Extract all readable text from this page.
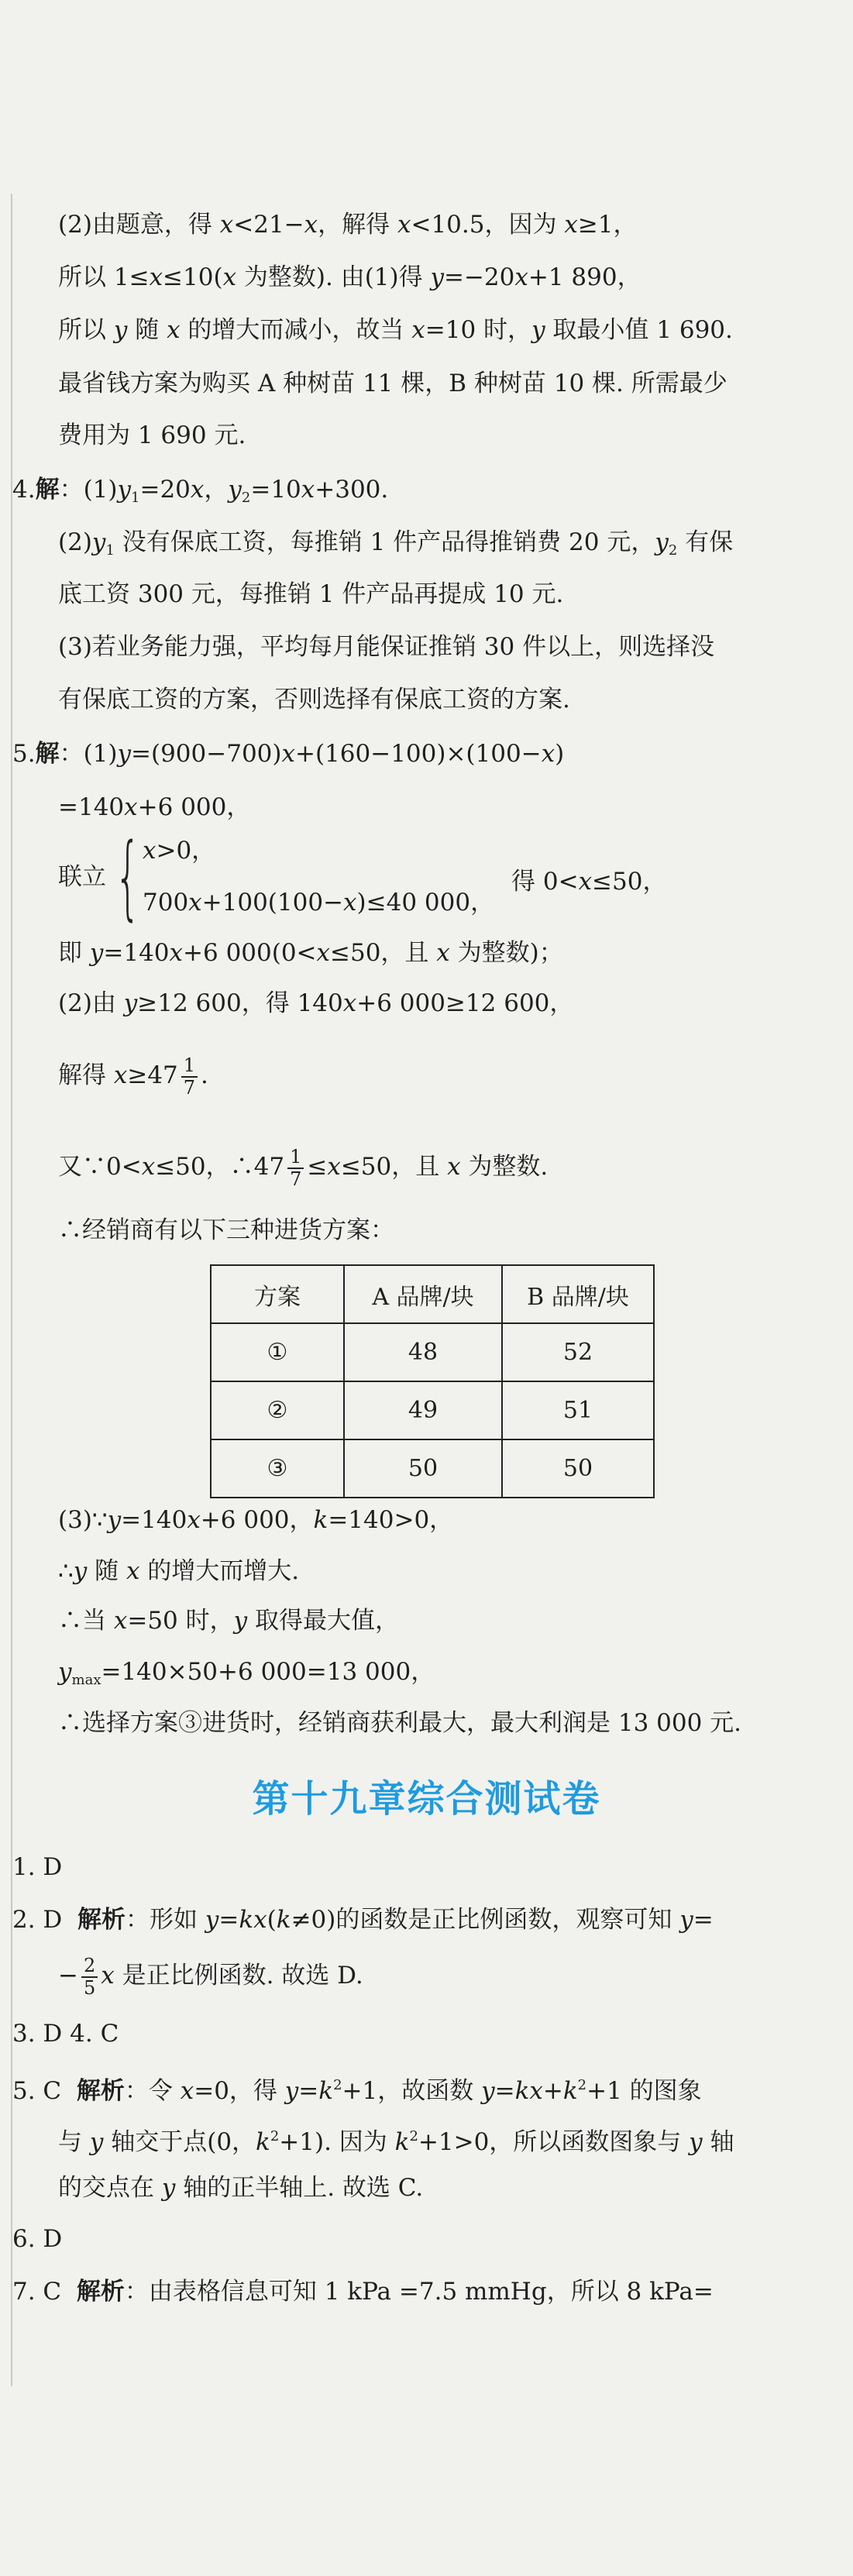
(2)由题意，得 x<21−x，解得 x<10.5，因为 x≥1，
所以 1≤x≤10(x 为整数). 由(1)得 y=−20x+1 890，
所以 y 随 x 的增大而减小，故当 x=10 时，y 取最小值 1 690.
最省钱方案为购买 A 种树苗 11 棵，B 种树苗 10 棵. 所需最少
费用为 1 690 元.
4.解：$(1)y_1=20x$，$y_2=10x+300$.
$(2)y_1$ 没有保底工资，每推销 1 件产品得推销费 20 元，$y_2$ 有保
底工资 300 元，每推销 1 件产品再提成 10 元.
(3)若业务能力强，平均每月能保证推销 30 件以上，则选择没
有保底工资的方案，否则选择有保底工资的方案.
5.解：(1)y=(900−700)x+(160−100)×(100−x)
=140x+6 000，
联立 { x>0，
700x+100(100−x)≤40 000，
得 0<x≤50，
即 y=140x+6 000(0<x≤50，且 x 为整数)；
(2)由 y≥12 600，得 140x+6 000≥12 600，
解得 $x\ge 47 \frac{1}{7}$ .
又∵0<x≤50，∴47 $\frac{1}{7} \le x\le 50$，且 x 为整数.
∴经销商有以下三种进货方案：
方案	A 品牌/块	B 品牌/块
①	48	52
②	49	51
③	50	50
(3)∵y=140x+6 000，k=140>0，
∴y 随 x 的增大而增大.
∴当 x=50 时，y 取得最大值，
$y_{max}=140\times 50+6$ 000=13 000，
∴选择方案③进货时，经销商获利最大，最大利润是 13 000 元.
第十九章综合测试卷
1. D
2. D 解析：形如 y=kx(k≠0)的函数是正比例函数，观察可知 y=
− $\frac{2}{5}$ x 是正比例函数. 故选 D.
3. D 4. C
5. C 解析：令 x=0，得 $y=k^2+1$，故函数 $y=kx+k^2+1$ 的图象
与 y 轴交于点(0，$k^2+1$). 因为 $k^2+1>0$，所以函数图象与 y 轴
的交点在 y 轴的正半轴上. 故选 C.
6. D
7. C 解析：由表格信息可知 1 kPa =7.5 mmHg，所以 8 kPa=
